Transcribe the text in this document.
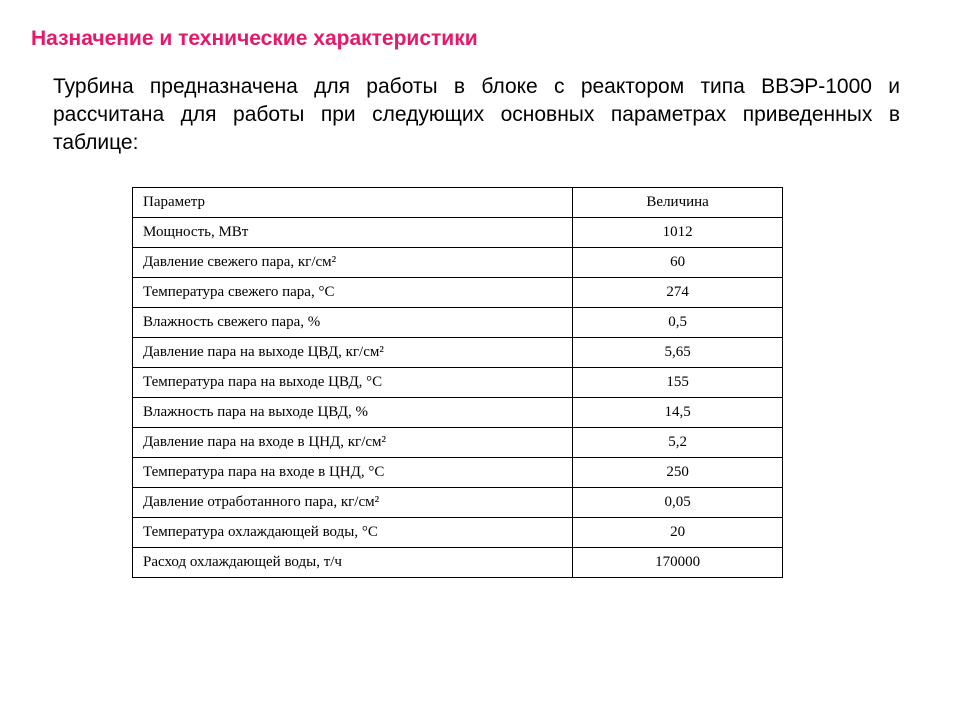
Назначение и технические характеристики
Турбина предназначена для работы в блоке с реактором типа ВВЭР-1000 и рассчитана для работы при следующих основных параметрах приведенных в таблице:
Параметр	Величина
Мощность, МВт	1012
Давление свежего пара, кг/см²	60
Температура свежего пара, °С	274
Влажность свежего пара, %	0,5
Давление пара на выходе ЦВД, кг/см²	5,65
Температура пара на выходе ЦВД, °С	155
Влажность пара на выходе ЦВД, %	14,5
Давление пара на входе в ЦНД, кг/см²	5,2
Температура пара на входе в ЦНД, °С	250
Давление отработанного пара, кг/см²	0,05
Температура охлаждающей воды, °С	20
Расход охлаждающей воды, т/ч	170000
